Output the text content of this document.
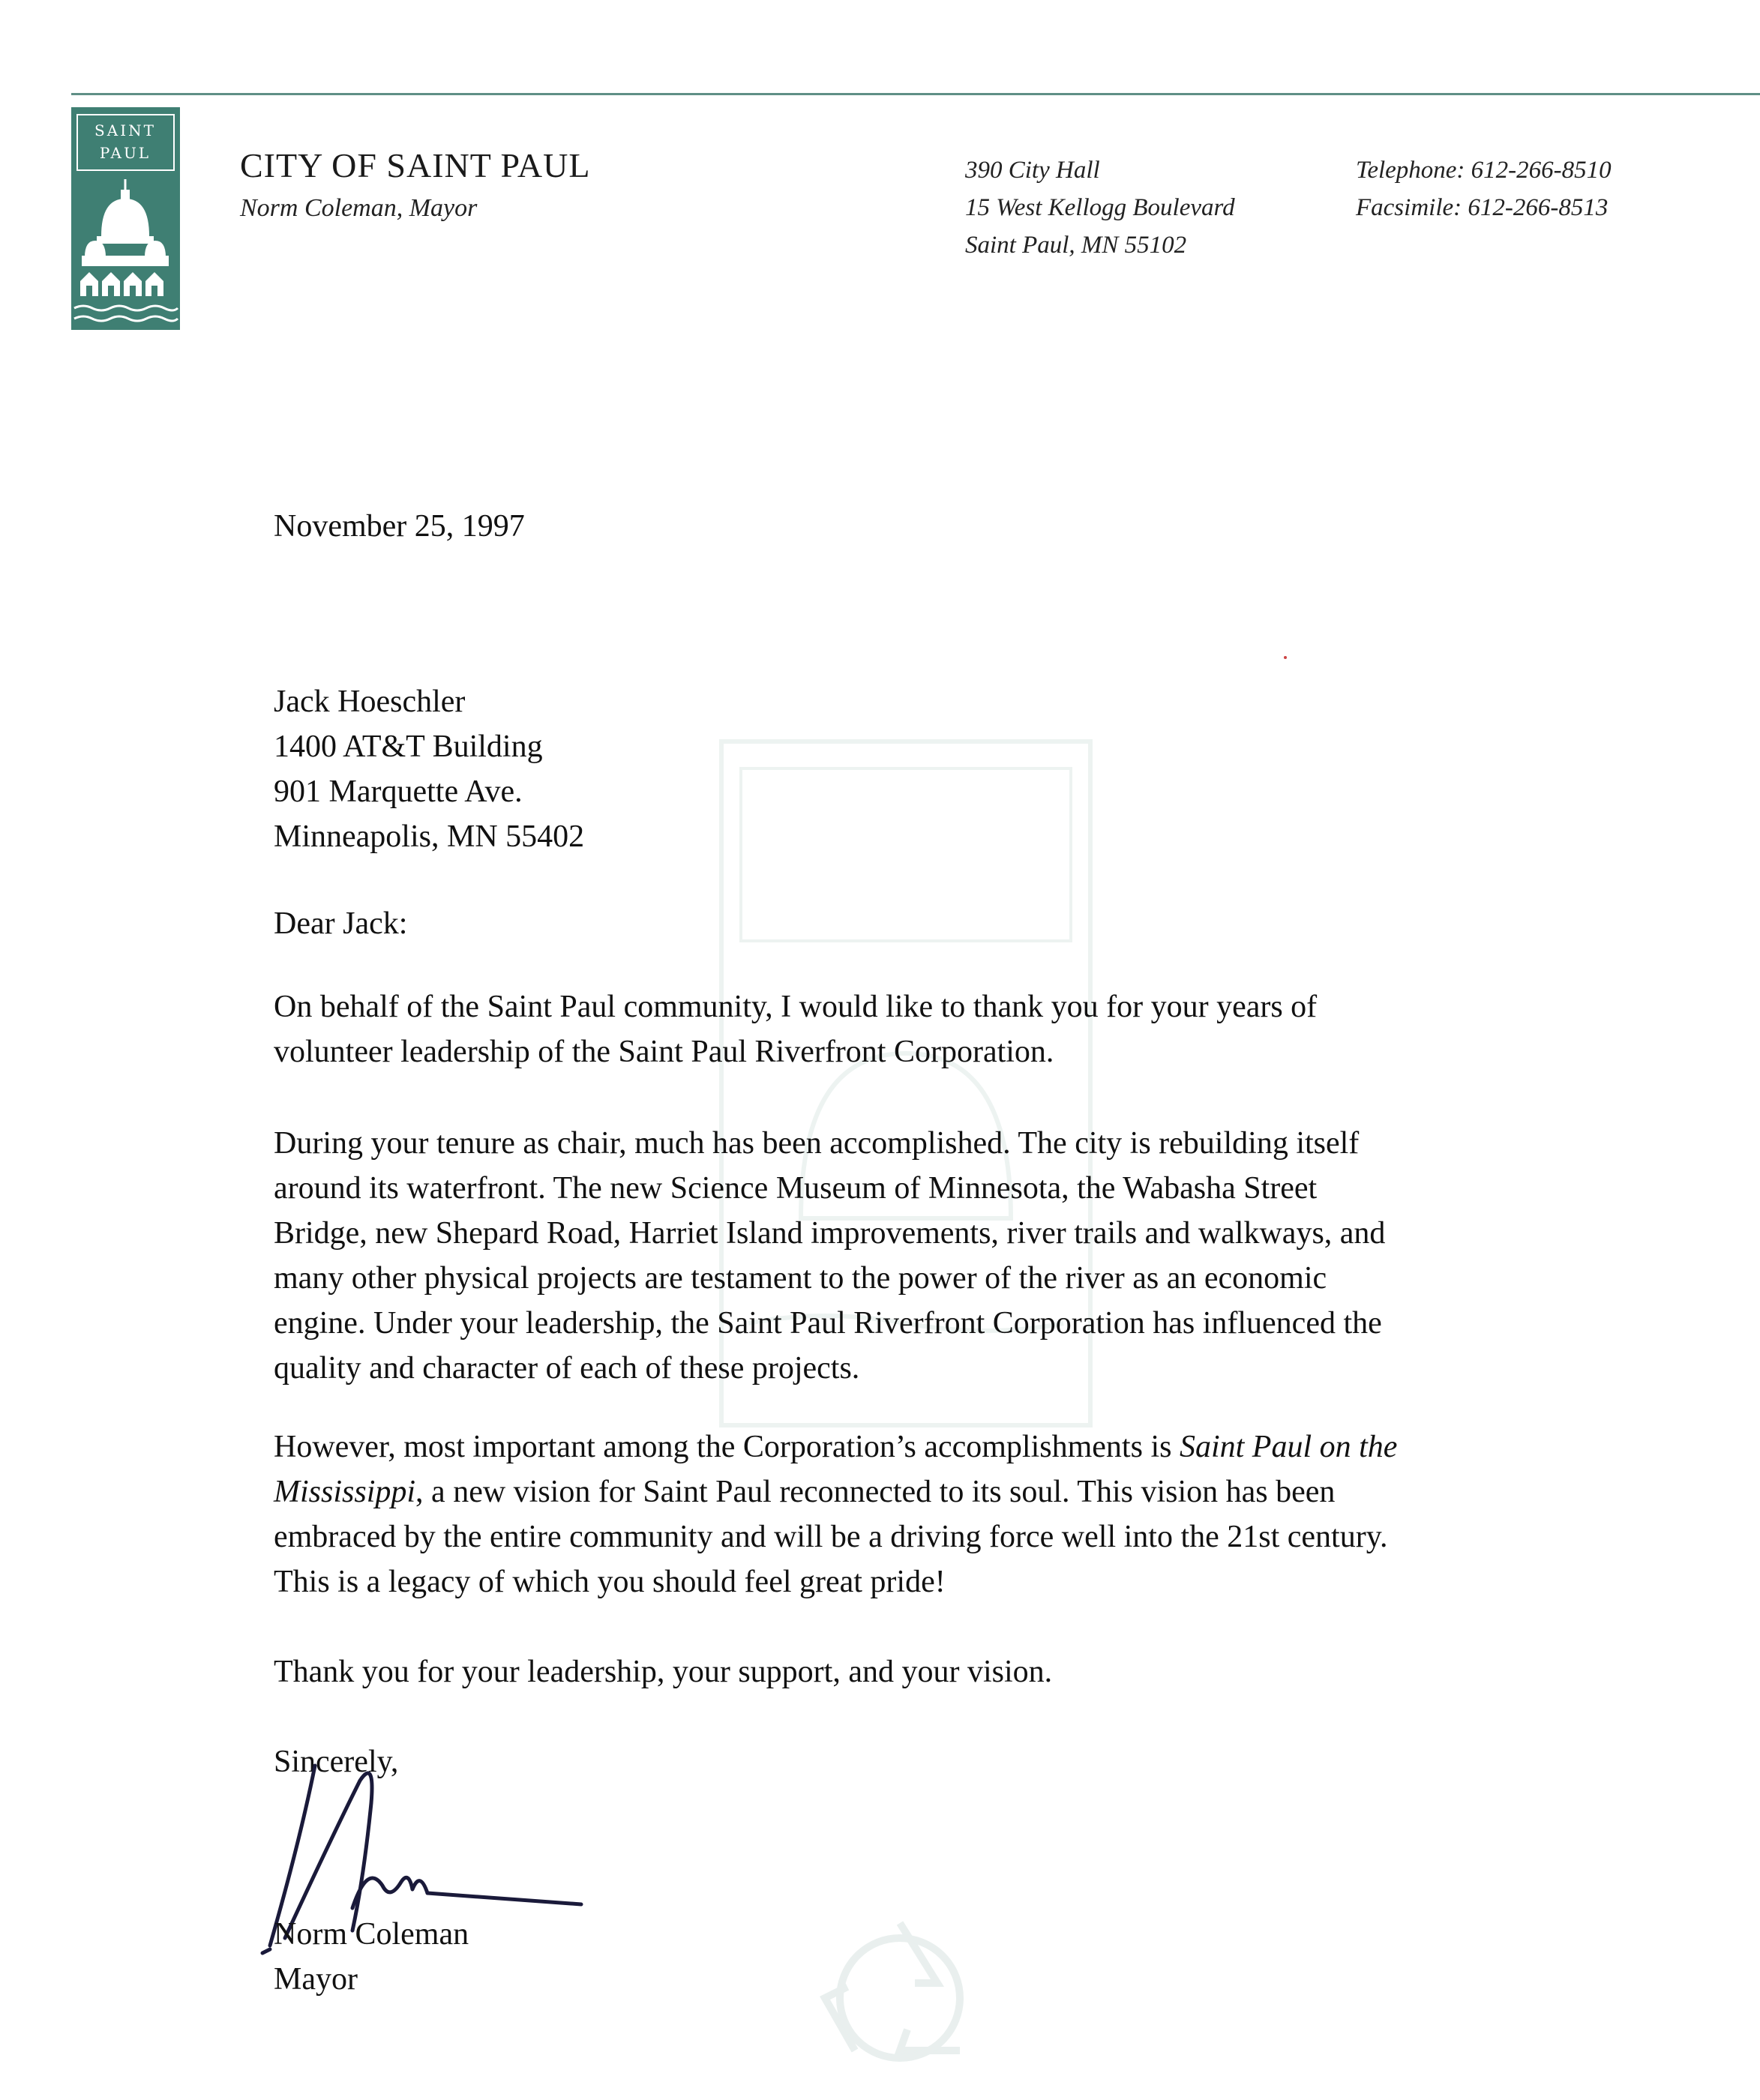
SAINT
PAUL	CITY OF SAINT PAUL
Norm Coleman, Mayor
390 City Hall
15 West Kellogg Boulevard
Saint Paul, MN 55102
Telephone: 612-266-8510
Facsimile: 612-266-8513
November 25, 1997
Jack Hoeschler
1400 AT&T Building
901 Marquette Ave.
Minneapolis, MN 55402
Dear Jack:
On behalf of the Saint Paul community, I would like to thank you for your years of
volunteer leadership of the Saint Paul Riverfront Corporation.
During your tenure as chair, much has been accomplished. The city is rebuilding itself
around its waterfront. The new Science Museum of Minnesota, the Wabasha Street
Bridge, new Shepard Road, Harriet Island improvements, river trails and walkways, and
many other physical projects are testament to the power of the river as an economic
engine. Under your leadership, the Saint Paul Riverfront Corporation has influenced the
quality and character of each of these projects.
However, most important among the Corporation’s accomplishments is Saint Paul on the
Mississippi, a new vision for Saint Paul reconnected to its soul. This vision has been
embraced by the entire community and will be a driving force well into the 21st century.
This is a legacy of which you should feel great pride!
Thank you for your leadership, your support, and your vision.
Sincerely,
Norm Coleman
Mayor
